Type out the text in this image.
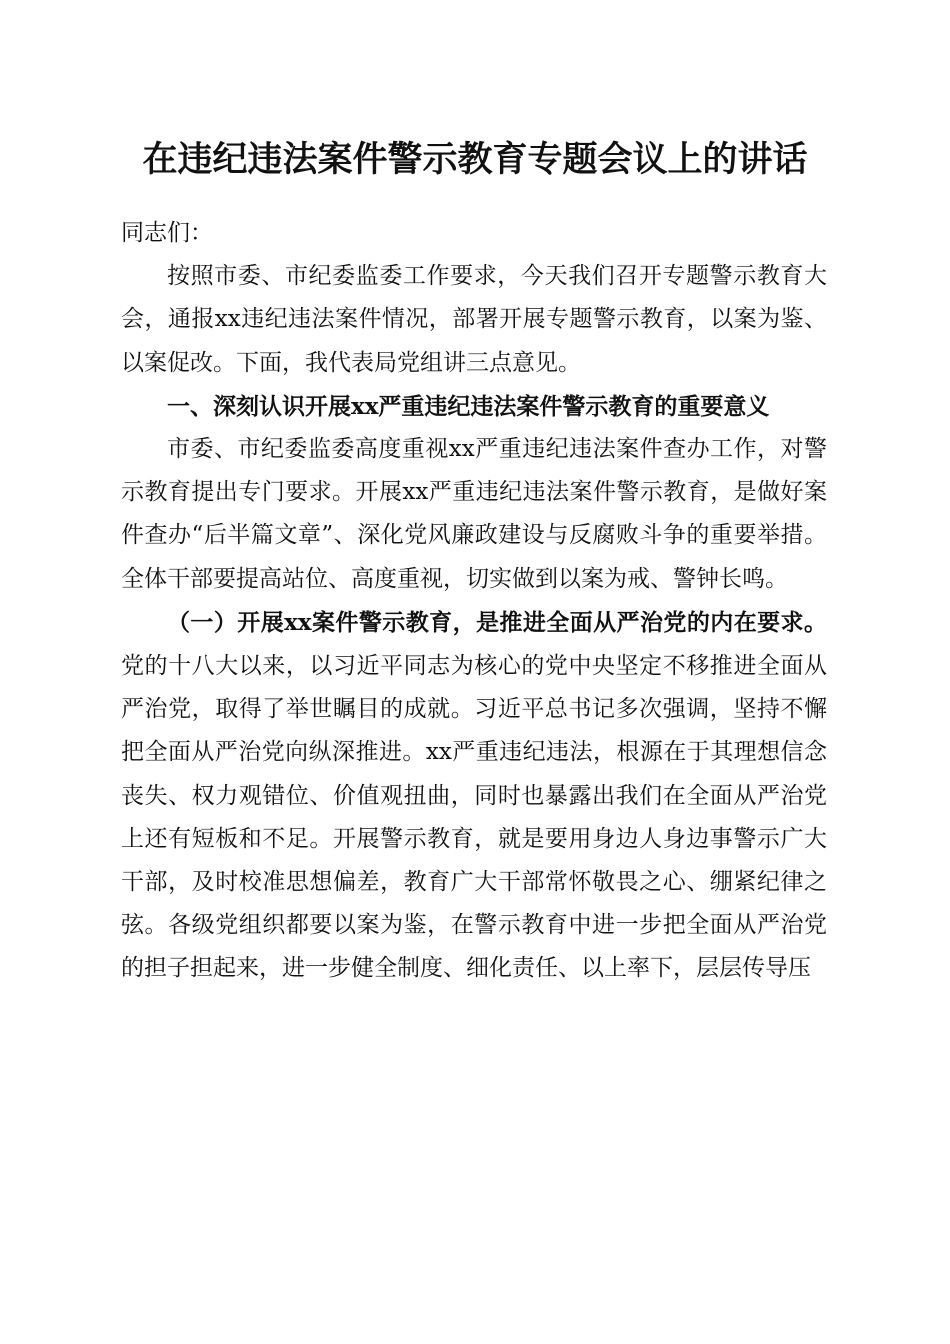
在违纪违法案件警示教育专题会议上的讲话

同志们：

按照市委、市纪委监委工作要求，今天我们召开专题警示教育大会，通报xx违纪违法案件情况，部署开展专题警示教育，以案为鉴、以案促改。下面，我代表局党组讲三点意见。

一、深刻认识开展xx严重违纪违法案件警示教育的重要意义

市委、市纪委监委高度重视xx严重违纪违法案件查办工作，对警示教育提出专门要求。开展xx严重违纪违法案件警示教育，是做好案件查办“后半篇文章”、深化党风廉政建设与反腐败斗争的重要举措。全体干部要提高站位、高度重视，切实做到以案为戒、警钟长鸣。

（一）开展xx案件警示教育，是推进全面从严治党的内在要求。党的十八大以来，以习近平同志为核心的党中央坚定不移推进全面从严治党，取得了举世瞩目的成就。习近平总书记多次强调，坚持不懈把全面从严治党向纵深推进。xx严重违纪违法，根源在于其理想信念丧失、权力观错位、价值观扭曲，同时也暴露出我们在全面从严治党上还有短板和不足。开展警示教育，就是要用身边人身边事警示广大干部，及时校准思想偏差，教育广大干部常怀敬畏之心、绷紧纪律之弦。各级党组织都要以案为鉴，在警示教育中进一步把全面从严治党的担子担起来，进一步健全制度、细化责任、以上率下，层层传导压
